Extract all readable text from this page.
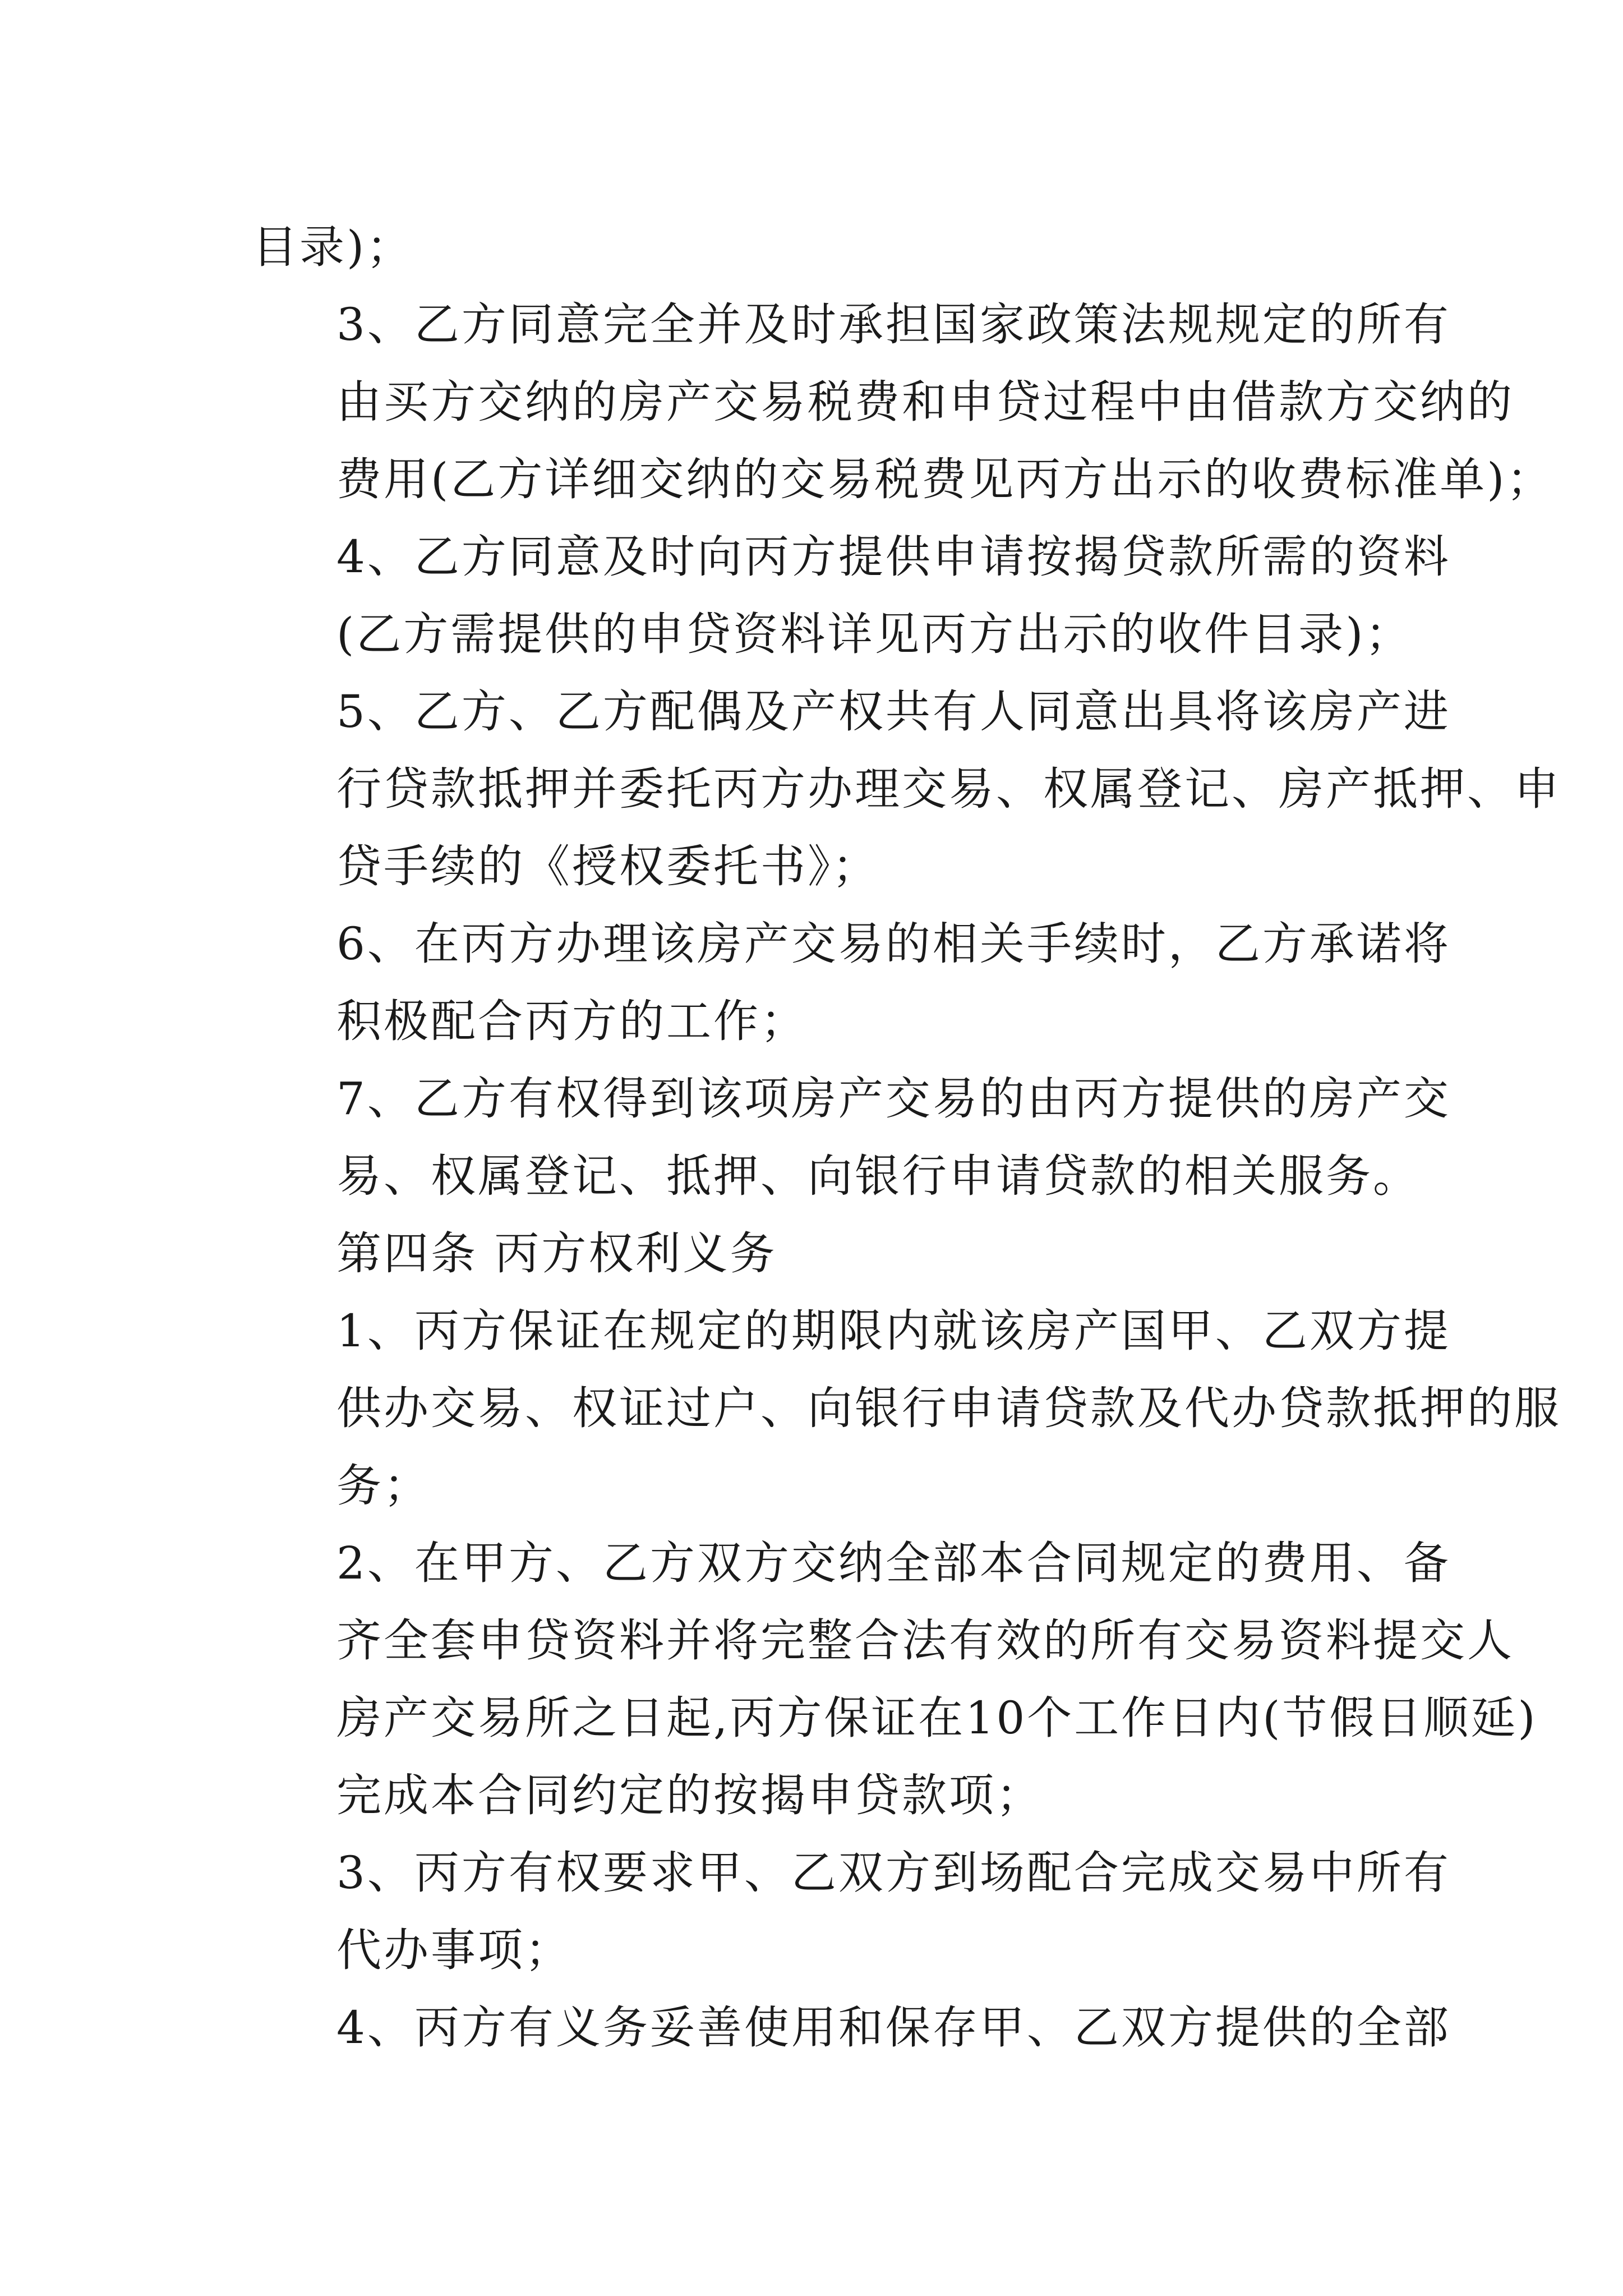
目录)；

3、乙方同意完全并及时承担国家政策法规规定的所有
由买方交纳的房产交易税费和申贷过程中由借款方交纳的
费用(乙方详细交纳的交易税费见丙方出示的收费标准单)；

4、乙方同意及时向丙方提供申请按揭贷款所需的资料
(乙方需提供的申贷资料详见丙方出示的收件目录)；

5、乙方、乙方配偶及产权共有人同意出具将该房产进
行贷款抵押并委托丙方办理交易、权属登记、房产抵押、申
贷手续的《授权委托书》；

6、在丙方办理该房产交易的相关手续时，乙方承诺将
积极配合丙方的工作；

7、乙方有权得到该项房产交易的由丙方提供的房产交
易、权属登记、抵押、向银行申请贷款的相关服务。

第四条 丙方权利义务

1、丙方保证在规定的期限内就该房产国甲、乙双方提
供办交易、权证过户、向银行申请贷款及代办贷款抵押的服
务；

2、在甲方、乙方双方交纳全部本合同规定的费用、备
齐全套申贷资料并将完整合法有效的所有交易资料提交人
房产交易所之日起,丙方保证在10个工作日内(节假日顺延)
完成本合同约定的按揭申贷款项；

3、丙方有权要求甲、乙双方到场配合完成交易中所有
代办事项；

4、丙方有义务妥善使用和保存甲、乙双方提供的全部
